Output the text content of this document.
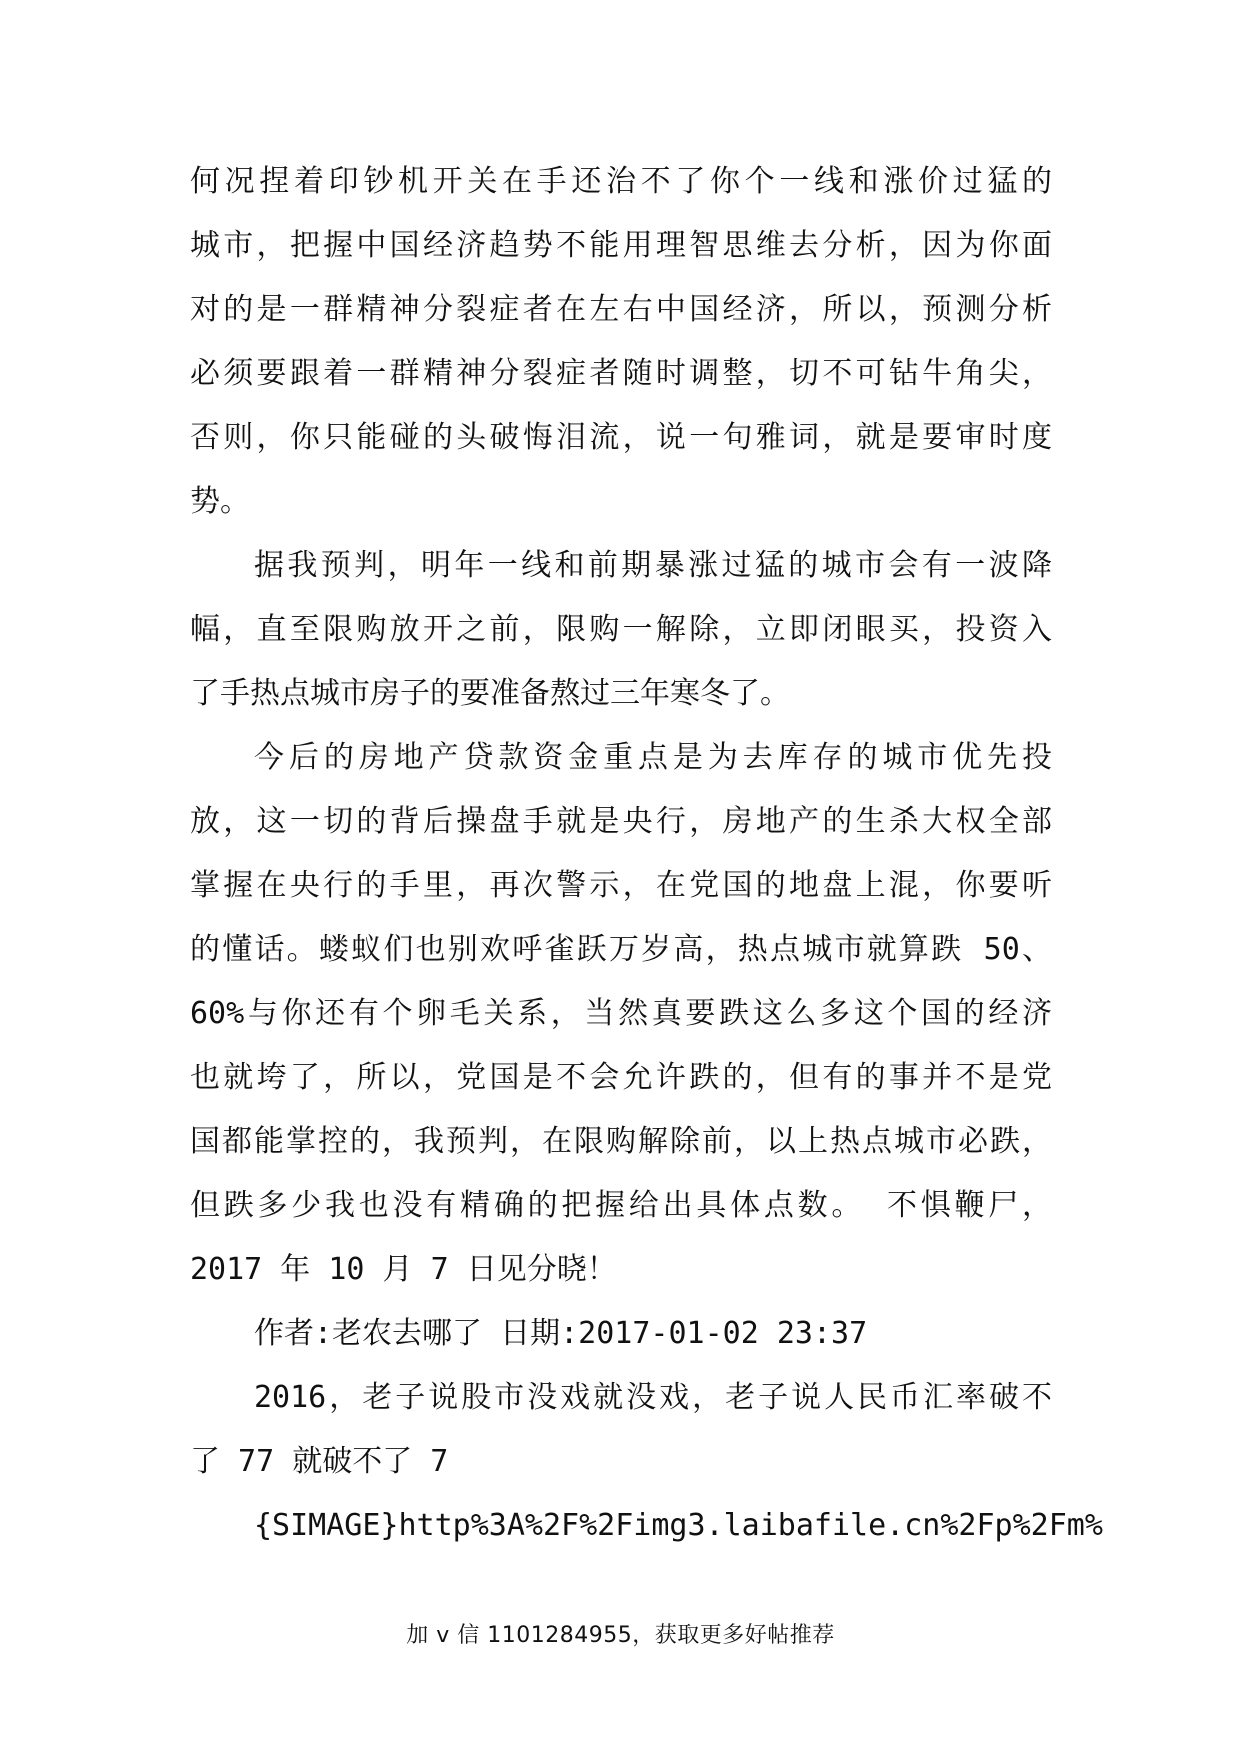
何况捏着印钞机开关在手还治不了你个一线和涨价过猛的
城市，把握中国经济趋势不能用理智思维去分析，因为你面
对的是一群精神分裂症者在左右中国经济，所以，预测分析
必须要跟着一群精神分裂症者随时调整，切不可钻牛角尖，
否则，你只能碰的头破悔泪流，说一句雅词，就是要审时度
势。
据我预判，明年一线和前期暴涨过猛的城市会有一波降
幅，直至限购放开之前，限购一解除，立即闭眼买，投资入
了手热点城市房子的要准备熬过三年寒冬了。
今后的房地产贷款资金重点是为去库存的城市优先投
放，这一切的背后操盘手就是央行，房地产的生杀大权全部
掌握在央行的手里，再次警示，在党国的地盘上混，你要听
的懂话。蝼蚁们也别欢呼雀跃万岁高，热点城市就算跌 50、
60%与你还有个卵毛关系，当然真要跌这么多这个国的经济
也就垮了，所以，党国是不会允许跌的，但有的事并不是党
国都能掌控的，我预判，在限购解除前，以上热点城市必跌，
但跌多少我也没有精确的把握给出具体点数。 不惧鞭尸，
2017 年 10 月 7 日见分晓！
作者:老农去哪了 日期:2017-01-02 23:37
2016，老子说股市没戏就没戏，老子说人民币汇率破不
了 77 就破不了 7
{SIMAGE}http%3A%2F%2Fimg3.laibafile.cn%2Fp%2Fm%
加 v 信 1101284955，获取更多好帖推荐
